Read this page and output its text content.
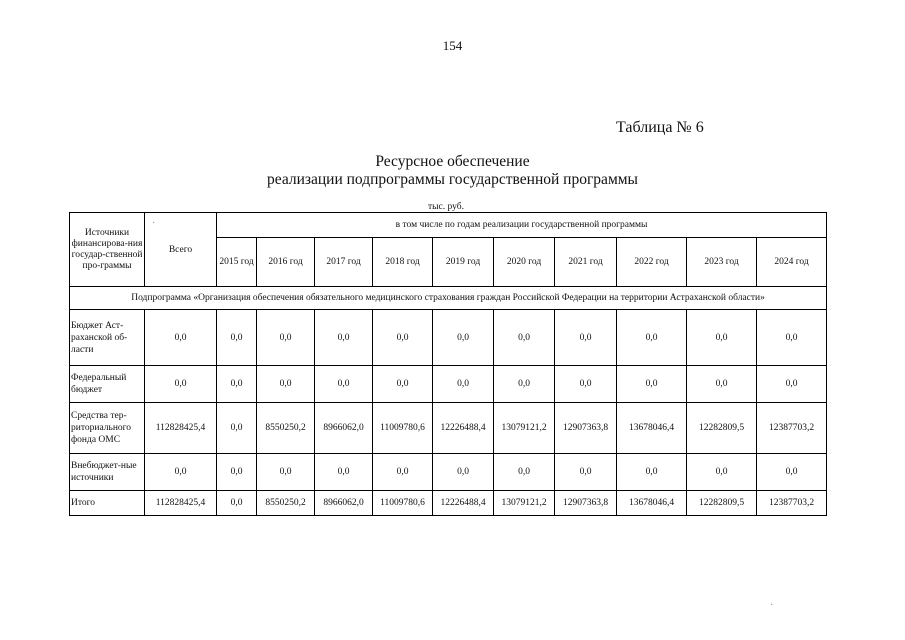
154
Таблица № 6
Ресурсное обеспечение
реализации подпрограммы государственной программы
тыс. руб.
Источники финансирова-ния государ-ственной про-граммы	Всего	в том числе по годам реализации государственной программы									
		2015 год	2016 год	2017 год	2018 год	2019 год	2020 год	2021 год	2022 год	2023 год	2024 год
Подпрограмма «Организация обеспечения обязательного медицинского страхования граждан Российской Федерации на территории Астраханской области»											
Бюджет Аст-раханской об-ласти	0,0	0,0	0,0	0,0	0,0	0,0	0,0	0,0	0,0	0,0	0,0
Федеральный бюджет	0,0	0,0	0,0	0,0	0,0	0,0	0,0	0,0	0,0	0,0	0,0
Средства тер-риториального фонда ОМС	112828425,4	0,0	8550250,2	8966062,0	11009780,6	12226488,4	13079121,2	12907363,8	13678046,4	12282809,5	12387703,2
Внебюджет-ные источники	0,0	0,0	0,0	0,0	0,0	0,0	0,0	0,0	0,0	0,0	0,0
Итого	112828425,4	0,0	8550250,2	8966062,0	11009780,6	12226488,4	13079121,2	12907363,8	13678046,4	12282809,5	12387703,2
·
·
